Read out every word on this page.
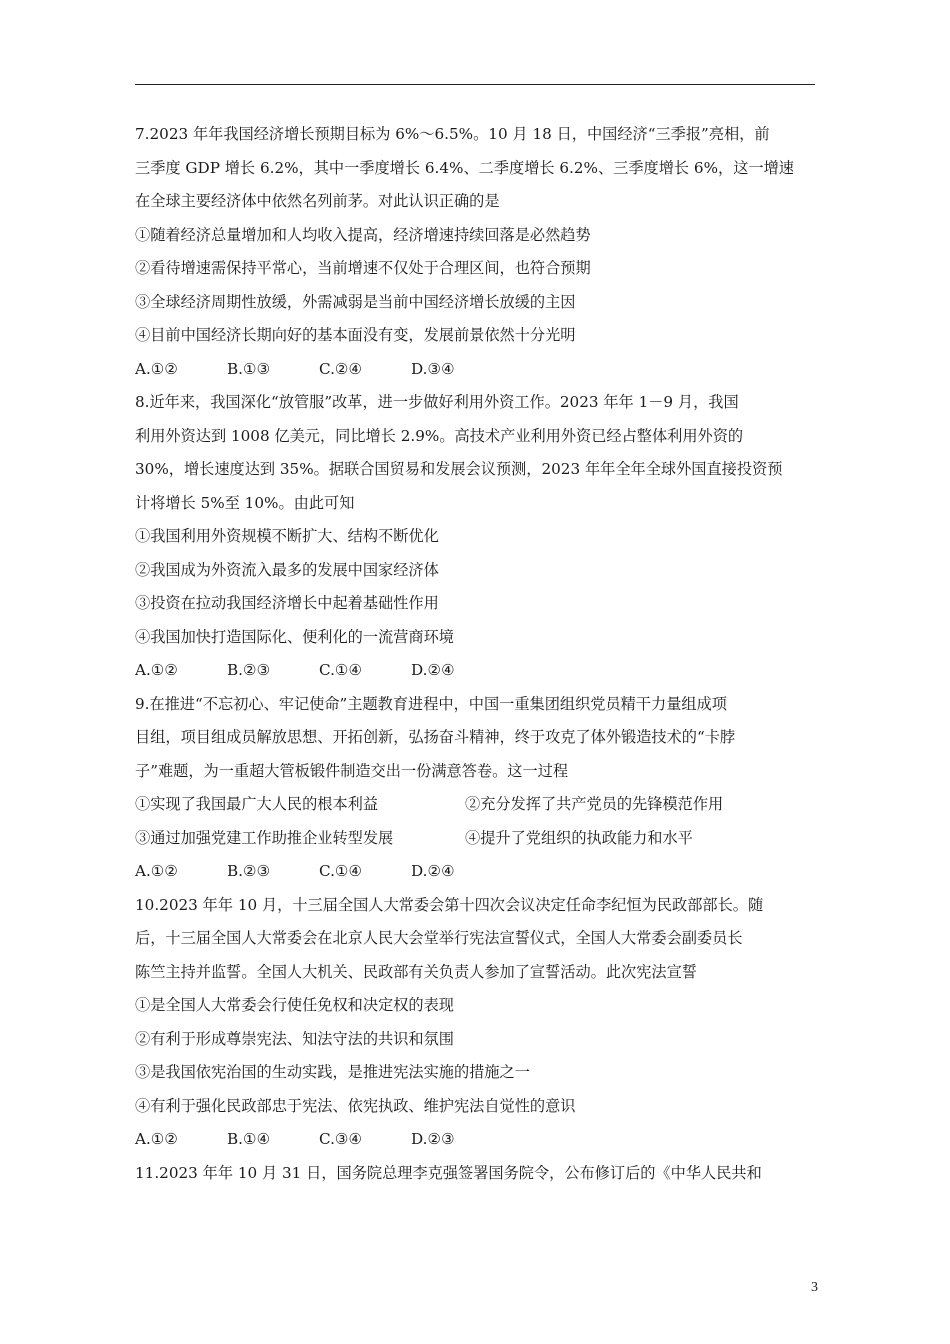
7.2023 年年我国经济增长预期目标为 6%～6.5%。10 月 18 日，中国经济“三季报”亮相，前
三季度 GDP 增长 6.2%，其中一季度增长 6.4%、二季度增长 6.2%、三季度增长 6%，这一增速
在全球主要经济体中依然名列前茅。对此认识正确的是
①随着经济总量增加和人均收入提高，经济增速持续回落是必然趋势
②看待增速需保持平常心，当前增速不仅处于合理区间，也符合预期
③全球经济周期性放缓，外需减弱是当前中国经济增长放缓的主因
④目前中国经济长期向好的基本面没有变，发展前景依然十分光明
A.①②	B.①③	C.②④	D.③④
8.近年来，我国深化“放管服”改革，进一步做好利用外资工作。2023 年年 1－9 月，我国
利用外资达到 1008 亿美元，同比增长 2.9%。高技术产业利用外资已经占整体利用外资的
30%，增长速度达到 35%。据联合国贸易和发展会议预测，2023 年年全年全球外国直接投资预
计将增长 5%至 10%。由此可知
①我国利用外资规模不断扩大、结构不断优化
②我国成为外资流入最多的发展中国家经济体
③投资在拉动我国经济增长中起着基础性作用
④我国加快打造国际化、便利化的一流营商环境
A.①②	B.②③	C.①④	D.②④
9.在推进“不忘初心、牢记使命”主题教育进程中，中国一重集团组织党员精干力量组成项
目组，项目组成员解放思想、开拓创新，弘扬奋斗精神，终于攻克了体外锻造技术的“卡脖
子”难题，为一重超大管板锻件制造交出一份满意答卷。这一过程
①实现了我国最广大人民的根本利益	②充分发挥了共产党员的先锋模范作用
③通过加强党建工作助推企业转型发展	④提升了党组织的执政能力和水平
A.①②	B.②③	C.①④	D.②④
10.2023 年年 10 月，十三届全国人大常委会第十四次会议决定任命李纪恒为民政部部长。随
后，十三届全国人大常委会在北京人民大会堂举行宪法宣誓仪式，全国人大常委会副委员长
陈竺主持并监誓。全国人大机关、民政部有关负责人参加了宣誓活动。此次宪法宣誓
①是全国人大常委会行使任免权和决定权的表现
②有利于形成尊崇宪法、知法守法的共识和氛围
③是我国依宪治国的生动实践，是推进宪法实施的措施之一
④有利于强化民政部忠于宪法、依宪执政、维护宪法自觉性的意识
A.①②	B.①④	C.③④	D.②③
11.2023 年年 10 月 31 日，国务院总理李克强签署国务院令，公布修订后的《中华人民共和
3
